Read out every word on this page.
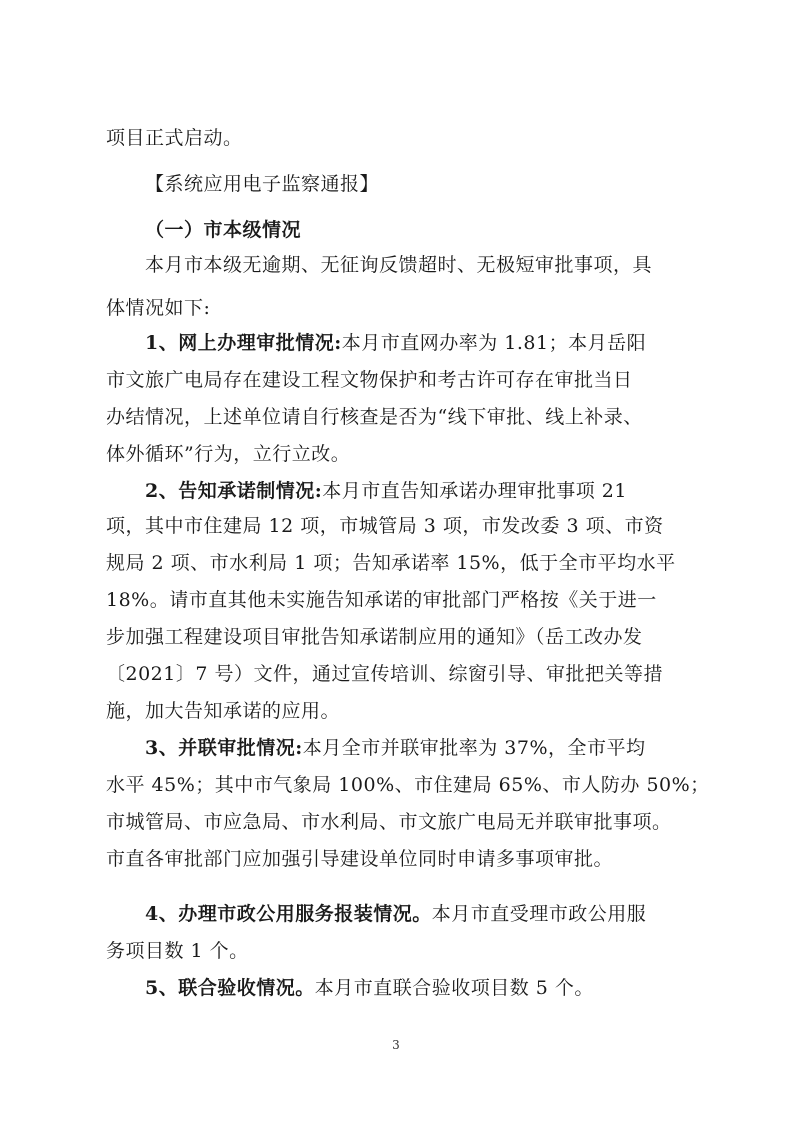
项目正式启动。
【系统应用电子监察通报】
（一）市本级情况
本月市本级无逾期、无征询反馈超时、无极短审批事项，具
体情况如下:
1、网上办理审批情况:本月市直网办率为 1.81；本月岳阳
市文旅广电局存在建设工程文物保护和考古许可存在审批当日
办结情况，上述单位请自行核查是否为“线下审批、线上补录、
体外循环”行为，立行立改。
2、告知承诺制情况:本月市直告知承诺办理审批事项 21
项，其中市住建局 12 项，市城管局 3 项，市发改委 3 项、市资
规局 2 项、市水利局 1 项；告知承诺率 15%，低于全市平均水平
18%。请市直其他未实施告知承诺的审批部门严格按《关于进一
步加强工程建设项目审批告知承诺制应用的通知》（岳工改办发
〔2021〕7 号）文件，通过宣传培训、综窗引导、审批把关等措
施，加大告知承诺的应用。
3、并联审批情况:本月全市并联审批率为 37%，全市平均
水平 45%；其中市气象局 100%、市住建局 65%、市人防办 50%；
市城管局、市应急局、市水利局、市文旅广电局无并联审批事项。
市直各审批部门应加强引导建设单位同时申请多事项审批。
4、办理市政公用服务报装情况。本月市直受理市政公用服
务项目数 1 个。
5、联合验收情况。本月市直联合验收项目数 5 个。
3
